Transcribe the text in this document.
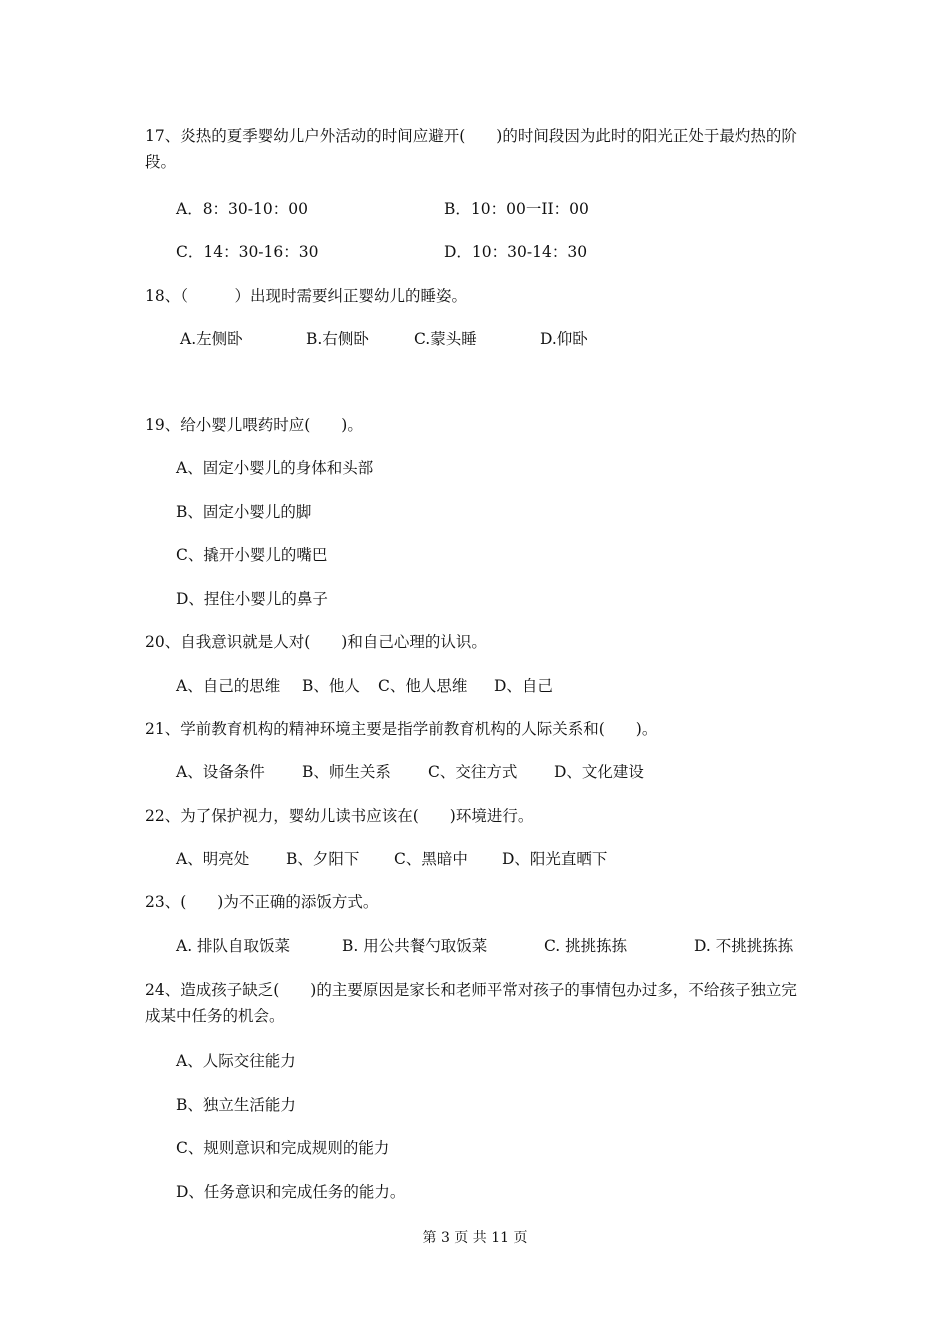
17、炎热的夏季婴幼儿户外活动的时间应避开(　　)的时间段因为此时的阳光正处于最灼热的阶段。
A．8：30-10：00	B．10：00一II：00
C．14：30-16：30	D．10：30-14：30
18、（　　　）出现时需要纠正婴幼儿的睡姿。
A.左侧卧	B.右侧卧	C.蒙头睡	D.仰卧
19、给小婴儿喂药时应(　　)。
A、固定小婴儿的身体和头部
B、固定小婴儿的脚
C、撬开小婴儿的嘴巴
D、捏住小婴儿的鼻子
20、自我意识就是人对(　　)和自己心理的认识。
A、自己的思维 B、他人 C、他人思维 D、自己
21、学前教育机构的精神环境主要是指学前教育机构的人际关系和(　　)。
A、设备条件 B、师生关系 C、交往方式 D、文化建设
22、为了保护视力，婴幼儿读书应该在(　　)环境进行。
A、明亮处 B、夕阳下 C、黑暗中 D、阳光直晒下
23、(　　)为不正确的添饭方式。
A. 排队自取饭菜	B. 用公共餐勺取饭菜	C. 挑挑拣拣	D. 不挑挑拣拣
24、造成孩子缺乏(　　)的主要原因是家长和老师平常对孩子的事情包办过多，不给孩子独立完成某中任务的机会。
A、人际交往能力
B、独立生活能力
C、规则意识和完成规则的能力
D、任务意识和完成任务的能力。
第 3 页 共 11 页
